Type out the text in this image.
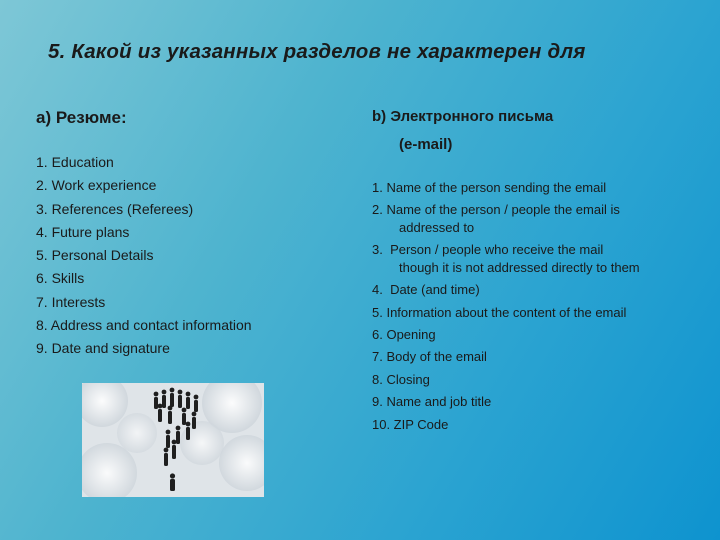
5. Какой из указанных разделов не характерен для
a) Резюме:
1. Education
2. Work experience
3. References (Referees)
4. Future plans
5. Personal Details
6. Skills
7. Interests
8. Address and contact information
9. Date and signature
b) Электронного письма
(e-mail)
1. Name of the person sending the email
2. Name of the person / people the email is
addressed to
3.  Person / people who receive the mail
though it is not addressed directly to them
4.  Date (and time)
5. Information about the content of the email
6. Opening
7. Body of the email
8. Closing
9. Name and job title
10. ZIP Code
